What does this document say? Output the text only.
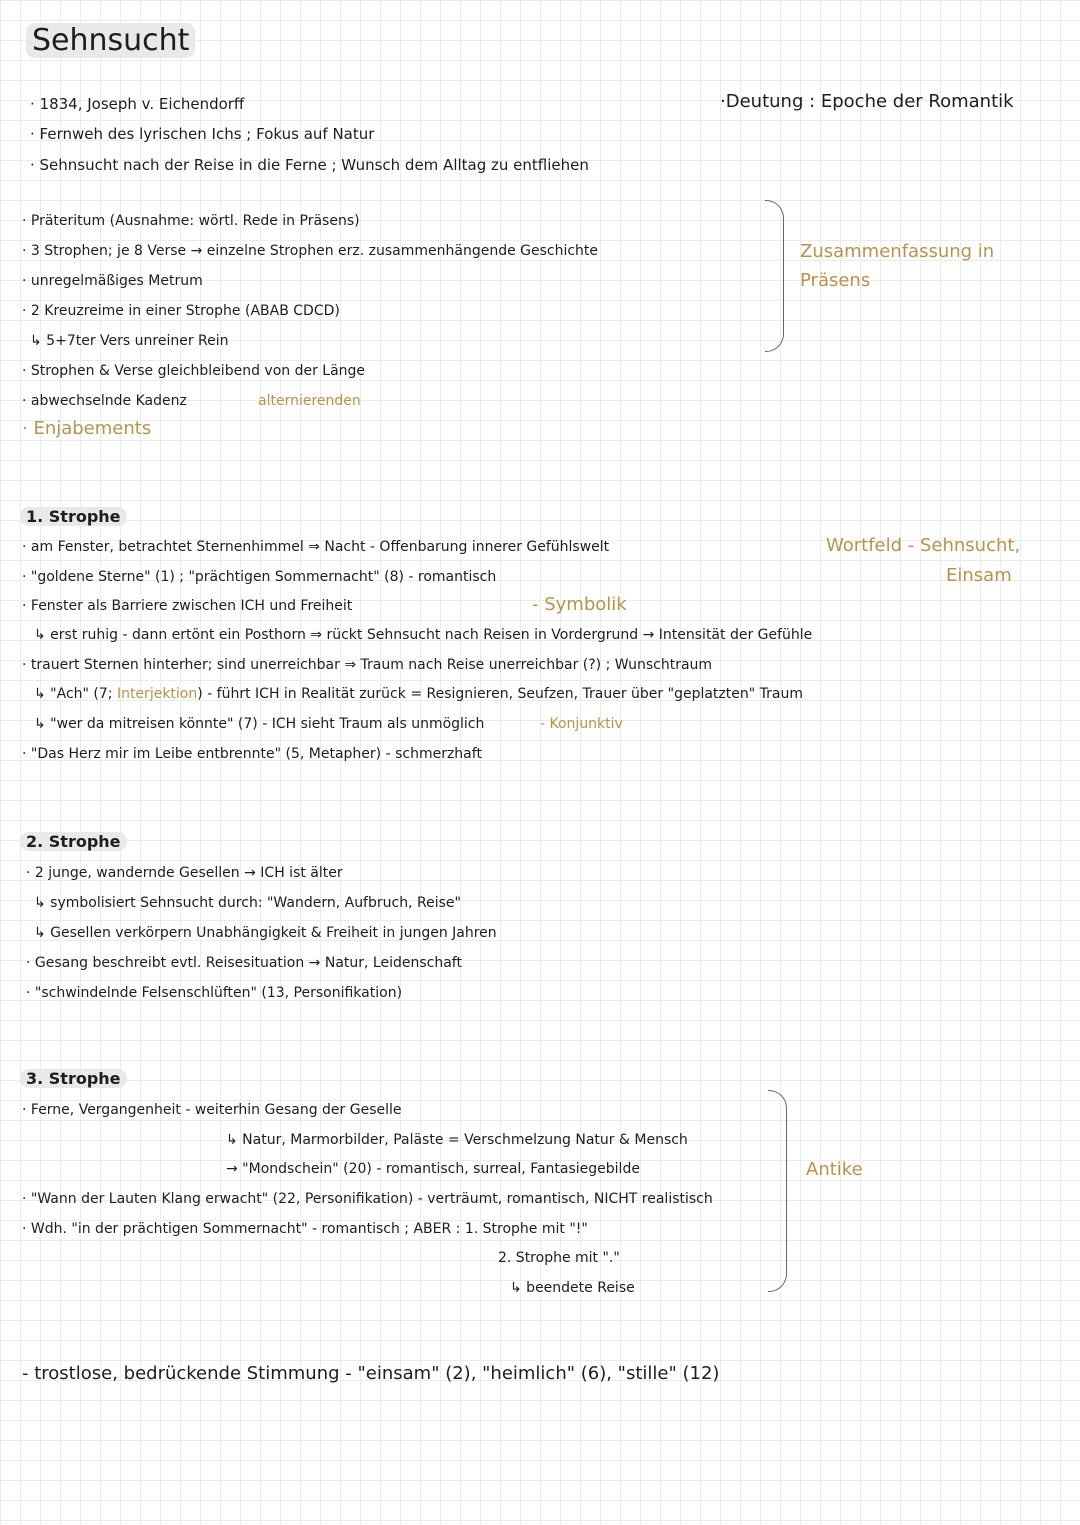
Sehnsucht
· 1834, Joseph v. Eichendorff
· Fernweh des lyrischen Ichs ; Fokus auf Natur
· Sehnsucht nach der Reise in die Ferne ; Wunsch dem Alltag zu entfliehen
·Deutung : Epoche der Romantik
· Präteritum (Ausnahme: wörtl. Rede in Präsens)
· 3 Strophen; je 8 Verse → einzelne Strophen erz. zusammenhängende Geschichte
· unregelmäßiges Metrum
· 2 Kreuzreime in einer Strophe (ABAB CDCD)
↳ 5+7ter Vers unreiner Rein
· Strophen & Verse gleichbleibend von der Länge
· abwechselnde Kadenz	alternierenden
· Enjabements
Zusammenfassung in
Präsens
1. Strophe
Wortfeld - Sehnsucht,
Einsam
· am Fenster, betrachtet Sternenhimmel ⇒ Nacht - Offenbarung innerer Gefühlswelt
· "goldene Sterne" (1) ; "prächtigen Sommernacht" (8) - romantisch
· Fenster als Barriere zwischen ICH und Freiheit	- Symbolik
↳ erst ruhig - dann ertönt ein Posthorn ⇒ rückt Sehnsucht nach Reisen in Vordergrund → Intensität der Gefühle
· trauert Sternen hinterher; sind unerreichbar ⇒ Traum nach Reise unerreichbar (?) ; Wunschtraum
↳ "Ach" (7; Interjektion) - führt ICH in Realität zurück = Resignieren, Seufzen, Trauer über "geplatzten" Traum
↳ "wer da mitreisen könnte" (7) - ICH sieht Traum als unmöglich	- Konjunktiv
· "Das Herz mir im Leibe entbrennte" (5, Metapher) - schmerzhaft
2. Strophe
· 2 junge, wandernde Gesellen → ICH ist älter
↳ symbolisiert Sehnsucht durch: "Wandern, Aufbruch, Reise"
↳ Gesellen verkörpern Unabhängigkeit & Freiheit in jungen Jahren
· Gesang beschreibt evtl. Reisesituation → Natur, Leidenschaft
· "schwindelnde Felsenschlüften" (13, Personifikation)
3. Strophe
· Ferne, Vergangenheit - weiterhin Gesang der Geselle
↳ Natur, Marmorbilder, Paläste = Verschmelzung Natur & Mensch
→ "Mondschein" (20) - romantisch, surreal, Fantasiegebilde
· "Wann der Lauten Klang erwacht" (22, Personifikation) - verträumt, romantisch, NICHT realistisch
· Wdh. "in der prächtigen Sommernacht" - romantisch ; ABER : 1. Strophe mit "!"
2. Strophe mit "."
↳ beendete Reise
Antike
- trostlose, bedrückende Stimmung - "einsam" (2), "heimlich" (6), "stille" (12)
